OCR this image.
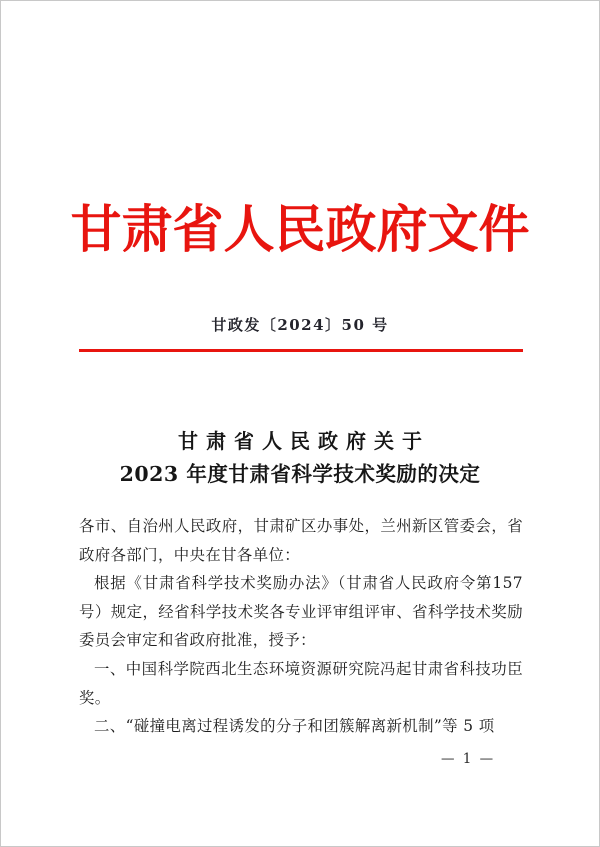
甘肃省人民政府文件
甘政发〔2024〕50 号
甘肃省人民政府关于
2023 年度甘肃省科学技术奖励的决定

各市、自治州人民政府，甘肃矿区办事处，兰州新区管委会，省政府各部门，中央在甘各单位：

根据《甘肃省科学技术奖励办法》（甘肃省人民政府令第157 号）规定，经省科学技术奖各专业评审组评审、省科学技术奖励委员会审定和省政府批准，授予：

一、中国科学院西北生态环境资源研究院冯起甘肃省科技功臣奖。

二、“碰撞电离过程诱发的分子和团簇解离新机制”等 5 项

— 1 —
